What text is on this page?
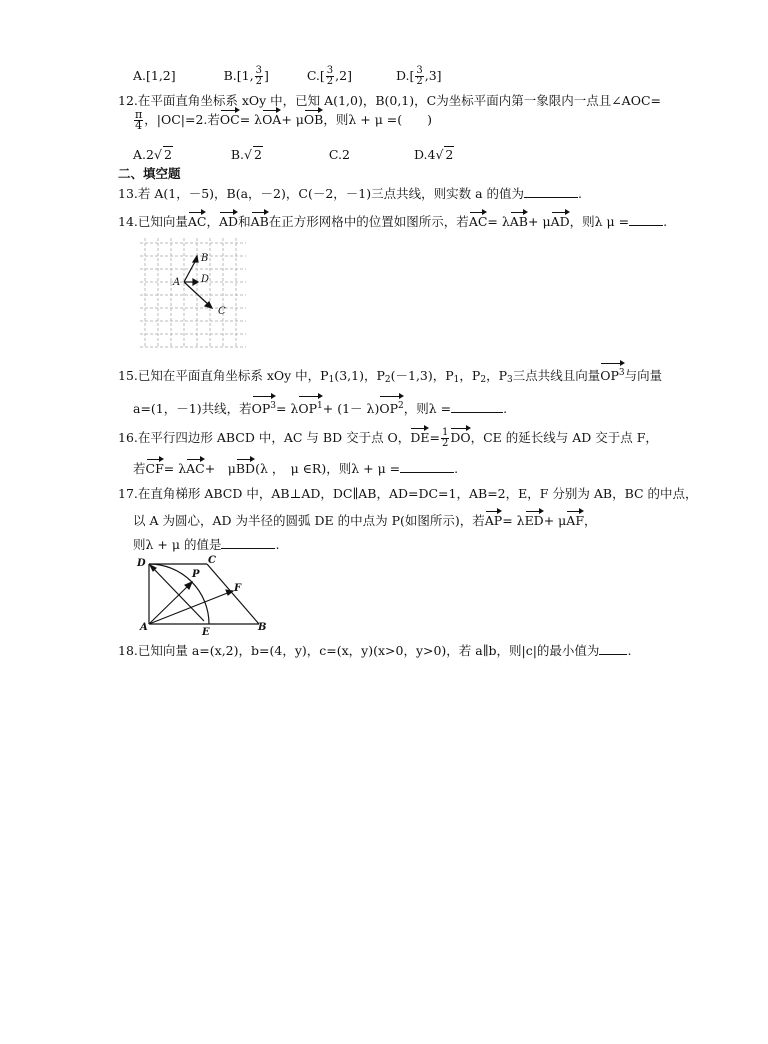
A.[1,2]	B.[1, $\frac{3}{2}$ ]	$C.[ \frac{3}{2} ,2]$	$D.[ \frac{3}{2} ,3]$
12.在平面直角坐标系 xOy 中，已知 A(1,0)，B(0,1)，C为坐标平面内第一象限内一点且∠AOC=
$\frac{\pi}{4}$ ，|OC|=2.若OC= λOA+ μOB，则λ + μ =(　　)
A.2√ 2	B.√ 2	C.2	D.4√ 2
二、填空题
13.若 A(1，－5)，B(a，－2)，C(－2，－1)三点共线，则实数 a 的值为	.
14.已知向量AC，AD和AB在正方形网格中的位置如图所示，若AC= λAB+ μAD，则λ μ =	.
A
B
D
C
15.已知在平面直角坐标系 xOy 中，$P_1(3,1)$，$P_2(-1,3)$，$P_1$，$P_2$，$P_3$三点共线且向量$OP^3$与向量
a=(1，－1)共线，若$OP^3= \lambda OP^1+ (1- \lambda)OP^2$，则λ =	.
16.在平行四边形 ABCD 中，AC 与 BD 交于点 O，$DE= \frac{1}{2}$ DO，CE 的延长线与 AD 交于点 F，
若CF= λAC+　μBD(λ ，　μ ∈R)，则λ + μ =	.
17.在直角梯形 ABCD 中，AB⊥AD，DC∥AB，AD=DC=1，AB=2，E，F 分别为 AB，BC 的中点，
以 A 为圆心，AD 为半径的圆弧 DE 的中点为 P(如图所示)，若AP= λED+ μAF，
则λ + μ 的值是	.
D	C
P
F
A	E	B
18.已知向量 a=(x,2)，b=(4，y)，c=(x，y)(x>0，y>0)，若 a∥b，则|c|的最小值为 .
